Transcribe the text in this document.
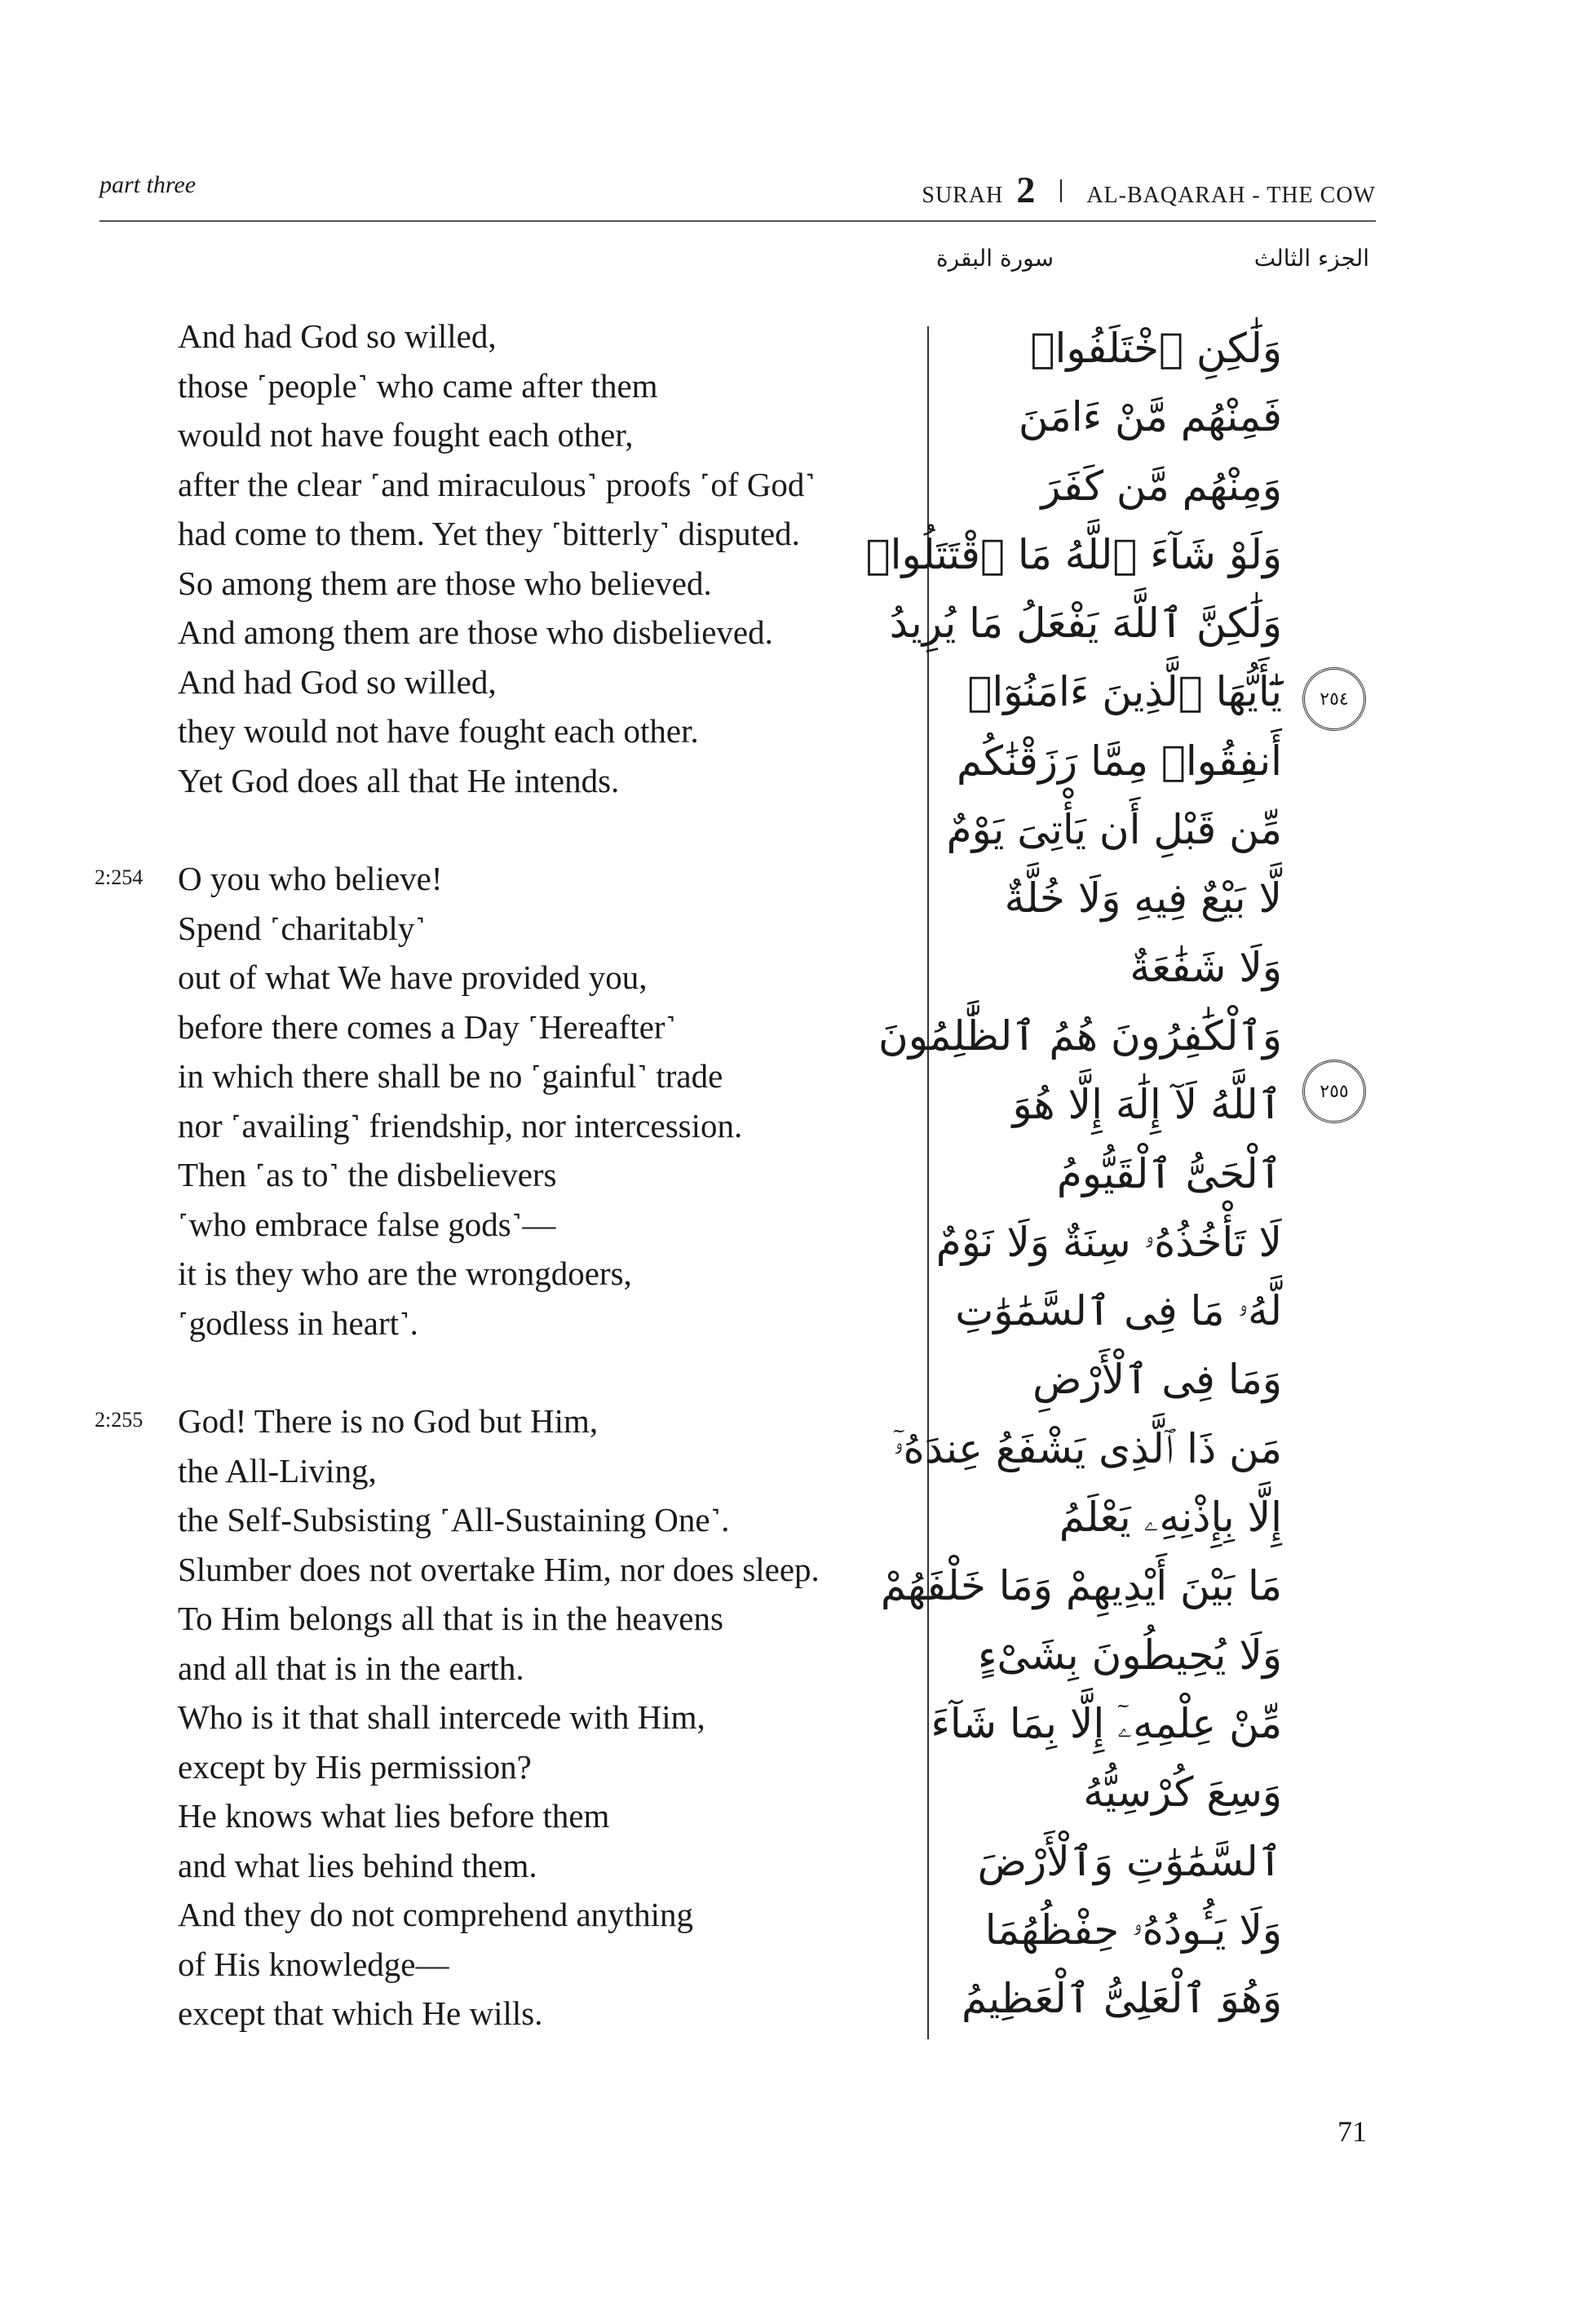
part three	SURAH 2 AL-BAQARAH - THE COW
الجزء الثالث
سورة البقرة
And had God so willed,
those ˹people˺ who came after them
would not have fought each other,
after the clear ˹and miraculous˺ proofs ˹of God˺
had come to them. Yet they ˹bitterly˺ disputed.
So among them are those who believed.
And among them are those who disbelieved.
And had God so willed,
they would not have fought each other.
Yet God does all that He intends.
2:254	O you who believe!
Spend ˹charitably˺
out of what We have provided you,
before there comes a Day ˹Hereafter˺
in which there shall be no ˹gainful˺ trade
nor ˹availing˺ friendship, nor intercession.
Then ˹as to˺ the disbelievers
˹who embrace false gods˺—
it is they who are the wrongdoers,
˹godless in heart˺.
2:255	God! There is no God but Him,
the All-Living,
the Self-Subsisting ˹All-Sustaining One˺.
Slumber does not overtake Him, nor does sleep.
To Him belongs all that is in the heavens
and all that is in the earth.
Who is it that shall intercede with Him,
except by His permission?
He knows what lies before them
and what lies behind them.
And they do not comprehend anything
of His knowledge—
except that which He wills.
وَلَٰكِنِ ٱخْتَلَفُوا۟
فَمِنْهُم مَّنْ ءَامَنَ
وَمِنْهُم مَّن كَفَرَ
وَلَوْ شَآءَ ٱللَّهُ مَا ٱقْتَتَلُوا۟
وَلَٰكِنَّ ٱللَّهَ يَفْعَلُ مَا يُرِيدُ
يَٰٓأَيُّهَا ٱلَّذِينَ ءَامَنُوٓا۟
أَنفِقُوا۟ مِمَّا رَزَقْنَٰكُم
مِّن قَبْلِ أَن يَأْتِىَ يَوْمٌ
لَّا بَيْعٌ فِيهِ وَلَا خُلَّةٌ
وَلَا شَفَٰعَةٌ
وَٱلْكَٰفِرُونَ هُمُ ٱلظَّٰلِمُونَ
ٱللَّهُ لَآ إِلَٰهَ إِلَّا هُوَ
ٱلْحَىُّ ٱلْقَيُّومُ
لَا تَأْخُذُهُۥ سِنَةٌ وَلَا نَوْمٌ
لَّهُۥ مَا فِى ٱلسَّمَٰوَٰتِ
وَمَا فِى ٱلْأَرْضِ
مَن ذَا ٱلَّذِى يَشْفَعُ عِندَهُۥٓ
إِلَّا بِإِذْنِهِۦ يَعْلَمُ
مَا بَيْنَ أَيْدِيهِمْ وَمَا خَلْفَهُمْ
وَلَا يُحِيطُونَ بِشَىْءٍ
مِّنْ عِلْمِهِۦٓ إِلَّا بِمَا شَآءَ
وَسِعَ كُرْسِيُّهُ
ٱلسَّمَٰوَٰتِ وَٱلْأَرْضَ
وَلَا يَـُٔودُهُۥ حِفْظُهُمَا
وَهُوَ ٱلْعَلِىُّ ٱلْعَظِيمُ
٢٥٤
٢٥٥
71
